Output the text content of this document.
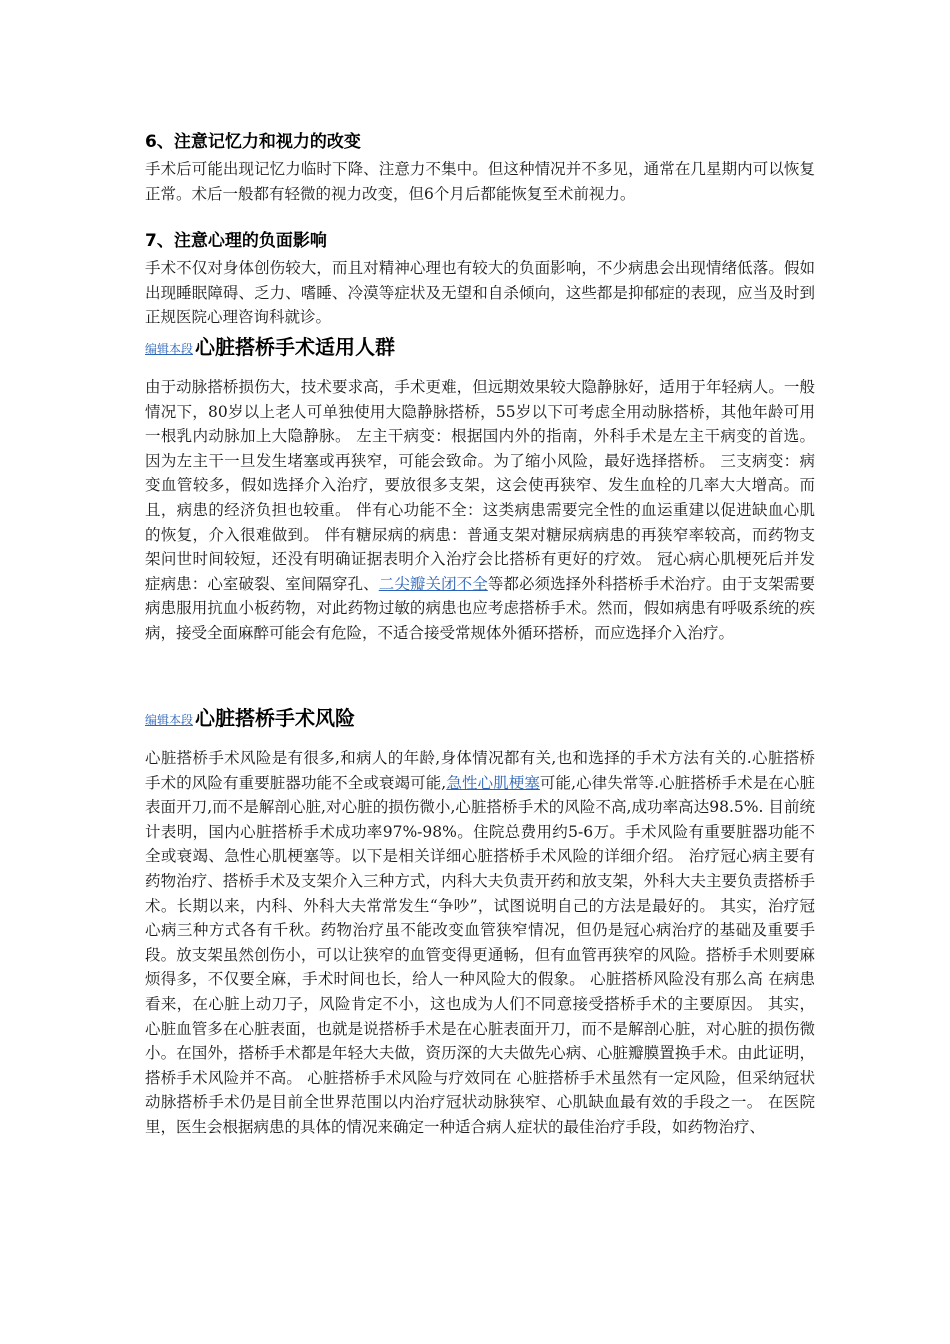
6、注意记忆力和视力的改变

手术后可能出现记忆力临时下降、注意力不集中。但这种情况并不多见，通常在几星期内可以恢复正常。术后一般都有轻微的视力改变，但6个月后都能恢复至术前视力。

7、注意心理的负面影响

手术不仅对身体创伤较大，而且对精神心理也有较大的负面影响，不少病患会出现情绪低落。假如出现睡眠障碍、乏力、嗜睡、冷漠等症状及无望和自杀倾向，这些都是抑郁症的表现，应当及时到正规医院心理咨询科就诊。

编辑本段 心脏搭桥手术适用人群

由于动脉搭桥损伤大，技术要求高，手术更难，但远期效果较大隐静脉好，适用于年轻病人。一般情况下，80岁以上老人可单独使用大隐静脉搭桥，55岁以下可考虑全用动脉搭桥，其他年龄可用一根乳内动脉加上大隐静脉。 左主干病变：根据国内外的指南，外科手术是左主干病变的首选。因为左主干一旦发生堵塞或再狭窄，可能会致命。为了缩小风险，最好选择搭桥。 三支病变：病变血管较多，假如选择介入治疗，要放很多支架，这会使再狭窄、发生血栓的几率大大增高。而且，病患的经济负担也较重。 伴有心功能不全：这类病患需要完全性的血运重建以促进缺血心肌的恢复，介入很难做到。 伴有糖尿病的病患：普通支架对糖尿病病患的再狭窄率较高，而药物支架问世时间较短，还没有明确证据表明介入治疗会比搭桥有更好的疗效。 冠心病心肌梗死后并发症病患：心室破裂、室间隔穿孔、二尖瓣关闭不全等都必须选择外科搭桥手术治疗。由于支架需要病患服用抗血小板药物，对此药物过敏的病患也应考虑搭桥手术。然而，假如病患有呼吸系统的疾病，接受全面麻醉可能会有危险，不适合接受常规体外循环搭桥，而应选择介入治疗。

编辑本段 心脏搭桥手术风险

心脏搭桥手术风险是有很多,和病人的年龄,身体情况都有关,也和选择的手术方法有关的.心脏搭桥手术的风险有重要脏器功能不全或衰竭可能,急性心肌梗塞可能,心律失常等.心脏搭桥手术是在心脏表面开刀,而不是解剖心脏,对心脏的损伤微小,心脏搭桥手术的风险不高,成功率高达98.5%. 目前统计表明，国内心脏搭桥手术成功率97%-98%。住院总费用约5-6万。手术风险有重要脏器功能不全或衰竭、急性心肌梗塞等。以下是相关详细心脏搭桥手术风险的详细介绍。 治疗冠心病主要有药物治疗、搭桥手术及支架介入三种方式，内科大夫负责开药和放支架，外科大夫主要负责搭桥手术。长期以来，内科、外科大夫常常发生“争吵”，试图说明自己的方法是最好的。 其实，治疗冠心病三种方式各有千秋。药物治疗虽不能改变血管狭窄情况，但仍是冠心病治疗的基础及重要手段。放支架虽然创伤小，可以让狭窄的血管变得更通畅，但有血管再狭窄的风险。搭桥手术则要麻烦得多，不仅要全麻，手术时间也长，给人一种风险大的假象。 心脏搭桥风险没有那么高 在病患看来，在心脏上动刀子，风险肯定不小，这也成为人们不同意接受搭桥手术的主要原因。 其实，心脏血管多在心脏表面，也就是说搭桥手术是在心脏表面开刀，而不是解剖心脏，对心脏的损伤微小。在国外，搭桥手术都是年轻大夫做，资历深的大夫做先心病、心脏瓣膜置换手术。由此证明，搭桥手术风险并不高。 心脏搭桥手术风险与疗效同在 心脏搭桥手术虽然有一定风险，但采纳冠状动脉搭桥手术仍是目前全世界范围以内治疗冠状动脉狭窄、心肌缺血最有效的手段之一。 在医院里，医生会根据病患的具体的情况来确定一种适合病人症状的最佳治疗手段，如药物治疗、
